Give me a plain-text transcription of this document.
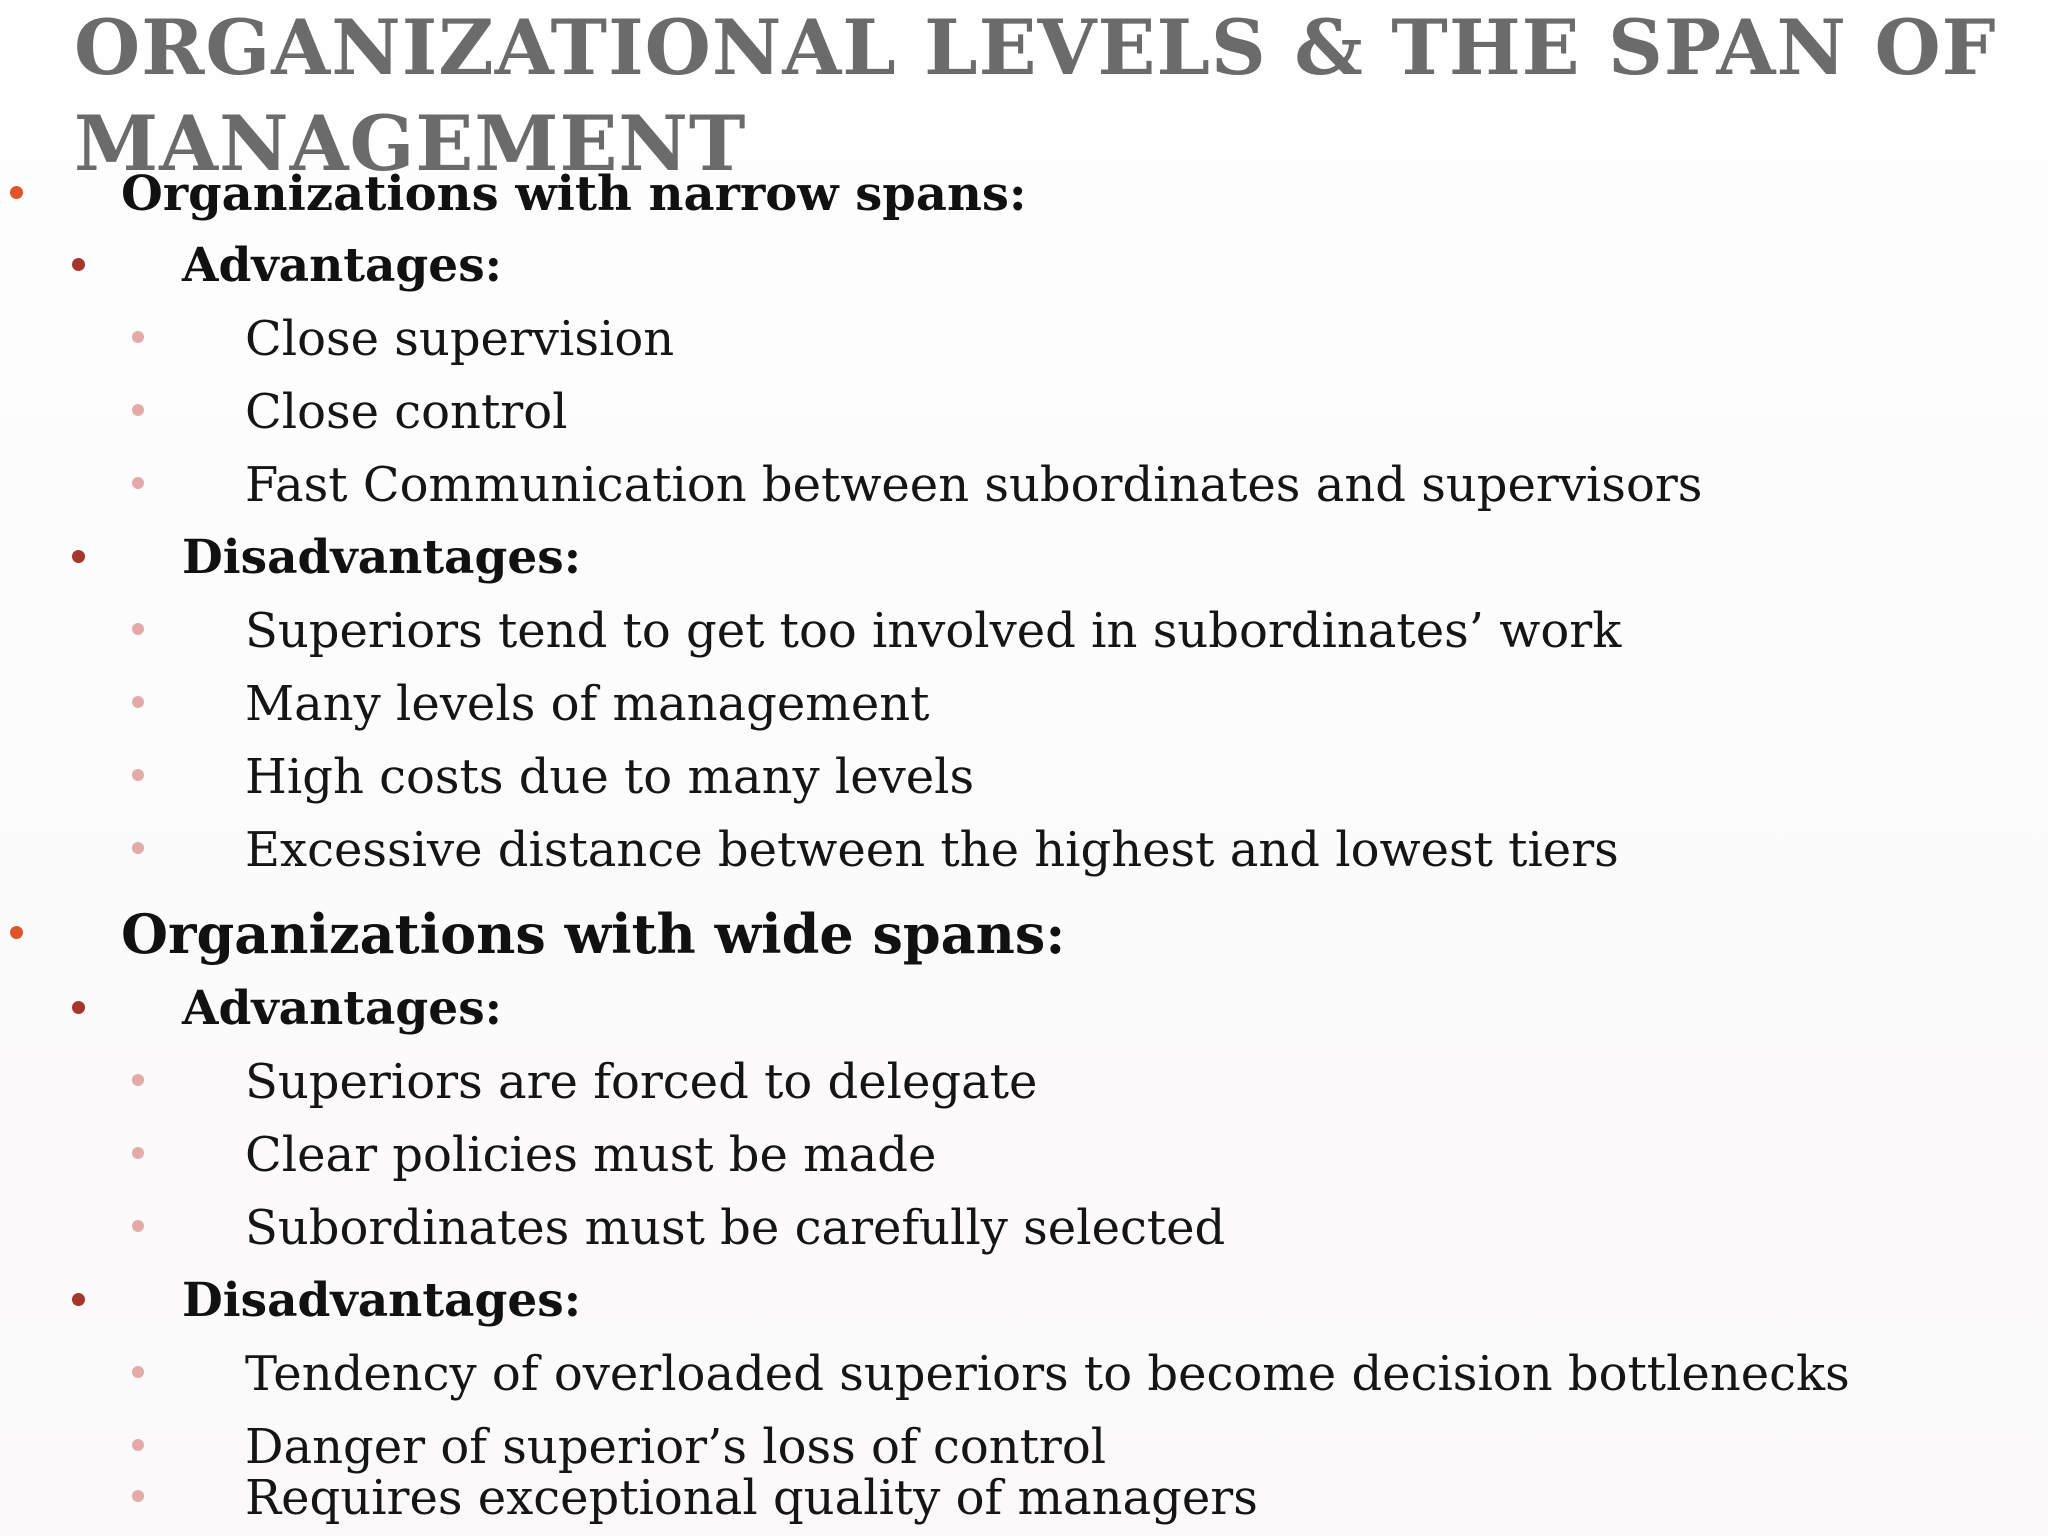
ORGANIZATIONAL LEVELS & THE SPAN OF
MANAGEMENT
Organizations with narrow spans:
Advantages:
Close supervision
Close control
Fast Communication between subordinates and supervisors
Disadvantages:
Superiors tend to get too involved in subordinates’ work
Many levels of management
High costs due to many levels
Excessive distance between the highest and lowest tiers
Organizations with wide spans:
Advantages:
Superiors are forced to delegate
Clear policies must be made
Subordinates must be carefully selected
Disadvantages:
Tendency of overloaded superiors to become decision bottlenecks
Danger of superior’s loss of control
Requires exceptional quality of managers
